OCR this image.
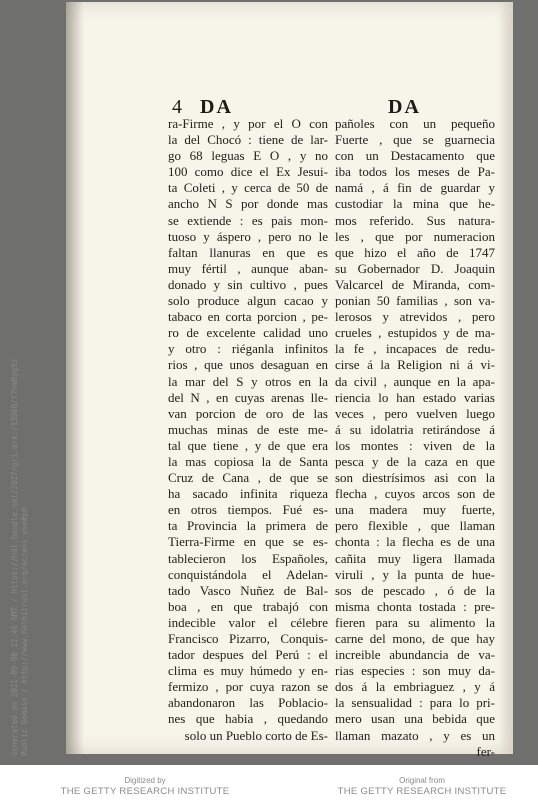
4 DA	DA
ra-Firme , y por el O con
la del Chocó : tiene de lar-
go 68 leguas E O , y no
100 como dice el Ex Jesui-
ta Coleti , y cerca de 50 de
ancho N S por donde mas
se extiende : es pais mon-
tuoso y áspero , pero no le
faltan llanuras en que es
muy fértil , aunque aban-
donado y sin cultivo , pues
solo produce algun cacao y
tabaco en corta porcion , pe-
ro de excelente calidad uno
y otro : riéganla infinitos
rios , que unos desaguan en
la mar del S y otros en la
del N , en cuyas arenas lle-
van porcion de oro de las
muchas minas de este me-
tal que tiene , y de que era
la mas copiosa la de Santa
Cruz de Cana , de que se
ha sacado infinita riqueza
en otros tiempos. Fué es-
ta Provincia la primera de
Tierra-Firme en que se es-
tablecieron los Españoles,
conquistándola el Adelan-
tado Vasco Nuñez de Bal-
boa , en que trabajó con
indecible valor el célebre
Francisco Pizarro, Conquis-
tador despues del Perú : el
clima es muy húmedo y en-
fermizo , por cuya razon se
abandonaron las Poblacio-
nes que habia , quedando
solo un Pueblo corto de Es-
pañoles con un pequeño
Fuerte , que se guarnecia
con un Destacamento que
iba todos los meses de Pa-
namá , á fin de guardar y
custodiar la mina que he-
mos referido. Sus natura-
les , que por numeracion
que hizo el año de 1747
su Gobernador D. Joaquin
Valcarcel de Miranda, com-
ponian 50 familias , son va-
lerosos y atrevidos , pero
crueles , estupidos y de ma-
la fe , incapaces de redu-
cirse á la Religion ni á vi-
da civil , aunque en la apa-
riencia lo han estado varias
veces , pero vuelven luego
á su idolatria retirándose á
los montes : viven de la
pesca y de la caza en que
son diestrísimos asi con la
flecha , cuyos arcos son de
una madera muy fuerte,
pero flexible , que llaman
chonta : la flecha es de una
cañita muy ligera llamada
viruli , y la punta de hue-
sos de pescado , ó de la
misma chonta tostada : pre-
fieren para su alimento la
carne del mono, de que hay
increible abundancia de va-
rias especies : son muy da-
dos á la embriaguez , y á
la sensualidad : para lo pri-
mero usan una bebida que
llaman mazato , y es un
fer-
Generated on 2021-09-06 12:46 GMT / https://hdl.handle.net/2027/gri.ark:/13960/t7nm8yg9z Public Domain / http://www.hathitrust.org/access_use#pd
Digitized by
THE GETTY RESEARCH INSTITUTE
Original from
THE GETTY RESEARCH INSTITUTE
